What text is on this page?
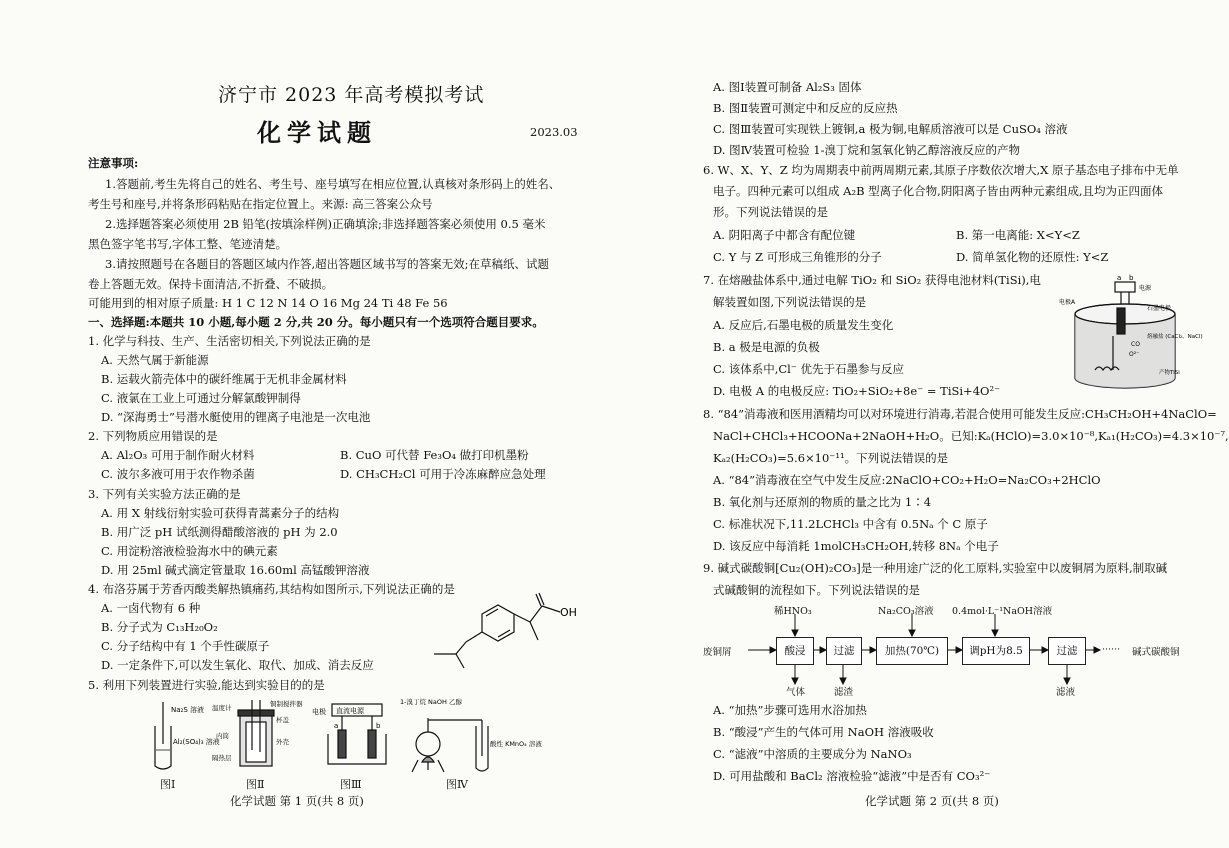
济宁市 2023 年高考模拟考试
化学试题	2023.03
注意事项:
1.答题前,考生先将自己的姓名、考生号、座号填写在相应位置,认真核对条形码上的姓名、
考生号和座号,并将条形码粘贴在指定位置上。来源: 高三答案公众号
2.选择题答案必须使用 2B 铅笔(按填涂样例)正确填涂;非选择题答案必须使用 0.5 毫米
黑色签字笔书写,字体工整、笔迹清楚。
3.请按照题号在各题目的答题区域内作答,超出答题区域书写的答案无效;在草稿纸、试题
卷上答题无效。保持卡面清洁,不折叠、不破损。
可能用到的相对原子质量: H 1 C 12 N 14 O 16 Mg 24 Ti 48 Fe 56
一、选择题:本题共 10 小题,每小题 2 分,共 20 分。每小题只有一个选项符合题目要求。
1. 化学与科技、生产、生活密切相关,下列说法正确的是
A. 天然气属于新能源
B. 运载火箭壳体中的碳纤维属于无机非金属材料
C. 液氯在工业上可通过分解氯酸钾制得
D. “深海勇士”号潜水艇使用的锂离子电池是一次电池
2. 下列物质应用错误的是
A. Al₂O₃ 可用于制作耐火材料	B. CuO 可代替 Fe₃O₄ 做打印机墨粉
C. 波尔多液可用于农作物杀菌	D. CH₃CH₂Cl 可用于冷冻麻醉应急处理
3. 下列有关实验方法正确的是
A. 用 X 射线衍射实验可获得青蒿素分子的结构
B. 用广泛 pH 试纸测得醋酸溶液的 pH 为 2.0
C. 用淀粉溶液检验海水中的碘元素
D. 用 25ml 碱式滴定管量取 16.60ml 高锰酸钾溶液
4. 布洛芬属于芳香丙酸类解热镇痛药,其结构如图所示,下列说法正确的是
A. 一卤代物有 6 种
B. 分子式为 C₁₃H₂₀O₂
C. 分子结构中有 1 个手性碳原子
D. 一定条件下,可以发生氧化、取代、加成、消去反应
OH
5. 利用下列装置进行实验,能达到实验目的的是
Na₂S 溶液
Al₂(SO₄)₃ 溶液
图Ⅰ
温度计	铜制搅拌器
杯盖
内筒
外壳
隔热层
图Ⅱ
直流电源
电极
a	b
图Ⅲ
1-溴丁烷 NaOH 乙醇
酸性 KMnO₄ 溶液
图Ⅳ
化学试题 第 1 页(共 8 页)
A. 图Ⅰ装置可制备 Al₂S₃ 固体
B. 图Ⅱ装置可测定中和反应的反应热
C. 图Ⅲ装置可实现铁上镀铜,a 极为铜,电解质溶液可以是 CuSO₄ 溶液
D. 图Ⅳ装置可检验 1-溴丁烷和氢氧化钠乙醇溶液反应的产物
6. W、X、Y、Z 均为周期表中前两周期元素,其原子序数依次增大,X 原子基态电子排布中无单
电子。四种元素可以组成 A₂B 型离子化合物,阴阳离子皆由两种元素组成,且均为正四面体
形。下列说法错误的是
A. 阴阳离子中都含有配位键	B. 第一电离能: X<Y<Z
C. Y 与 Z 可形成三角锥形的分子	D. 简单氢化物的还原性: Y<Z
7. 在熔融盐体系中,通过电解 TiO₂ 和 SiO₂ 获得电池材料(TiSi),电
解装置如图,下列说法错误的是
A. 反应后,石墨电极的质量发生变化
B. a 极是电源的负极
C. 该体系中,Cl⁻ 优先于石墨参与反应
D. 电极 A 的电极反应: TiO₂+SiO₂+8e⁻ = TiSi+4O²⁻
a b
电源
电极A
石墨电极
CO
O²⁻
熔融盐 (CaCl₂、NaCl)
产物TiSi
8. “84”消毒液和医用酒精均可以对环境进行消毒,若混合使用可能发生反应:CH₃CH₂OH+4NaClO=
NaCl+CHCl₃+HCOONa+2NaOH+H₂O。已知:Kₐ(HClO)=3.0×10⁻⁸,Kₐ₁(H₂CO₃)=4.3×10⁻⁷,
Kₐ₂(H₂CO₃)=5.6×10⁻¹¹。下列说法错误的是
A. “84”消毒液在空气中发生反应:2NaClO+CO₂+H₂O=Na₂CO₃+2HClO
B. 氧化剂与还原剂的物质的量之比为 1∶4
C. 标准状况下,11.2LCHCl₃ 中含有 0.5Nₐ 个 C 原子
D. 该反应中每消耗 1molCH₃CH₂OH,转移 8Nₐ 个电子
9. 碱式碳酸铜[Cu₂(OH)₂CO₃]是一种用途广泛的化工原料,实验室中以废铜屑为原料,制取碱
式碱酸铜的流程如下。下列说法错误的是
废铜屑	酸浸	过滤	加热(70℃)	调pH为8.5	过滤	······ 碱式碳酸铜
稀HNO₃	Na₂CO₃溶液 0.4mol·L⁻¹NaOH溶液
气体	滤渣	滤液
A. “加热”步骤可选用水浴加热
B. “酸浸”产生的气体可用 NaOH 溶液吸收
C. “滤液”中溶质的主要成分为 NaNO₃
D. 可用盐酸和 BaCl₂ 溶液检验“滤液”中是否有 CO₃²⁻
化学试题 第 2 页(共 8 页)
